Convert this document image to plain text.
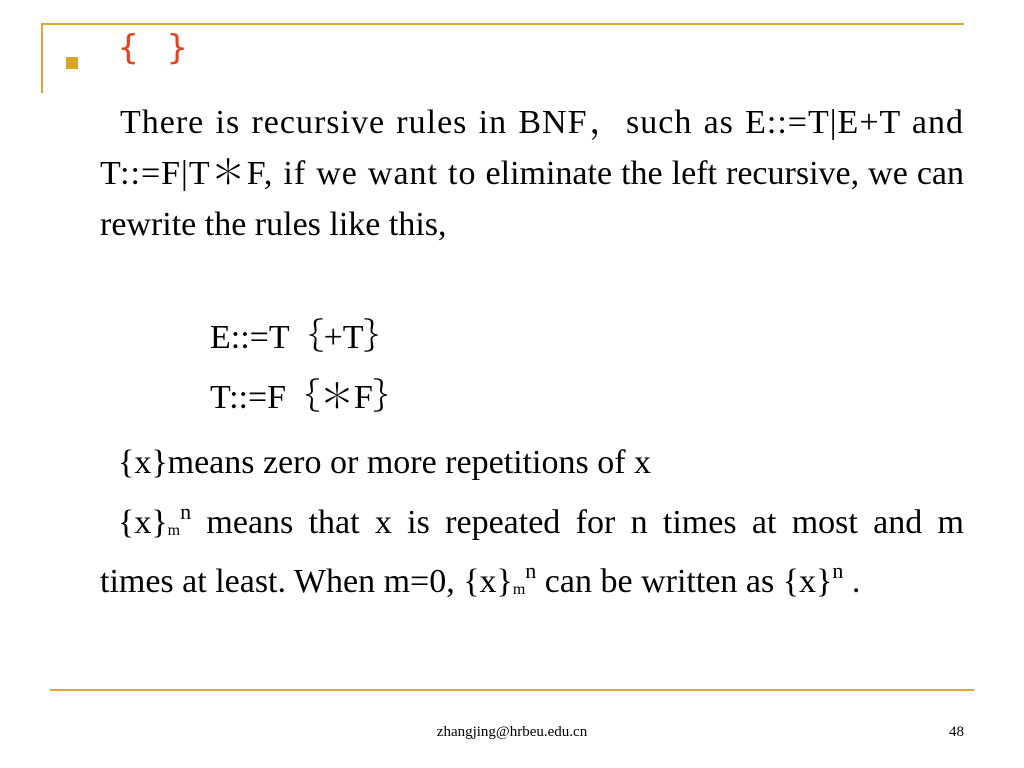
{ }

There is recursive rules in BNF，such as E::=T|E+T and T::=F|T＊F, if we want to eliminate the left recursive, we can rewrite the rules like this,

E::=T｛+T｝
T::=F｛＊F｝
{x}means zero or more repetitions of x

$\{x\}_m^n$ means that x is repeated for n times at most and m times at least. When m=0, $\{x\}_m^n$ can be written as $\{x\}^n$ .

zhangjing@hrbeu.edu.cn	48
